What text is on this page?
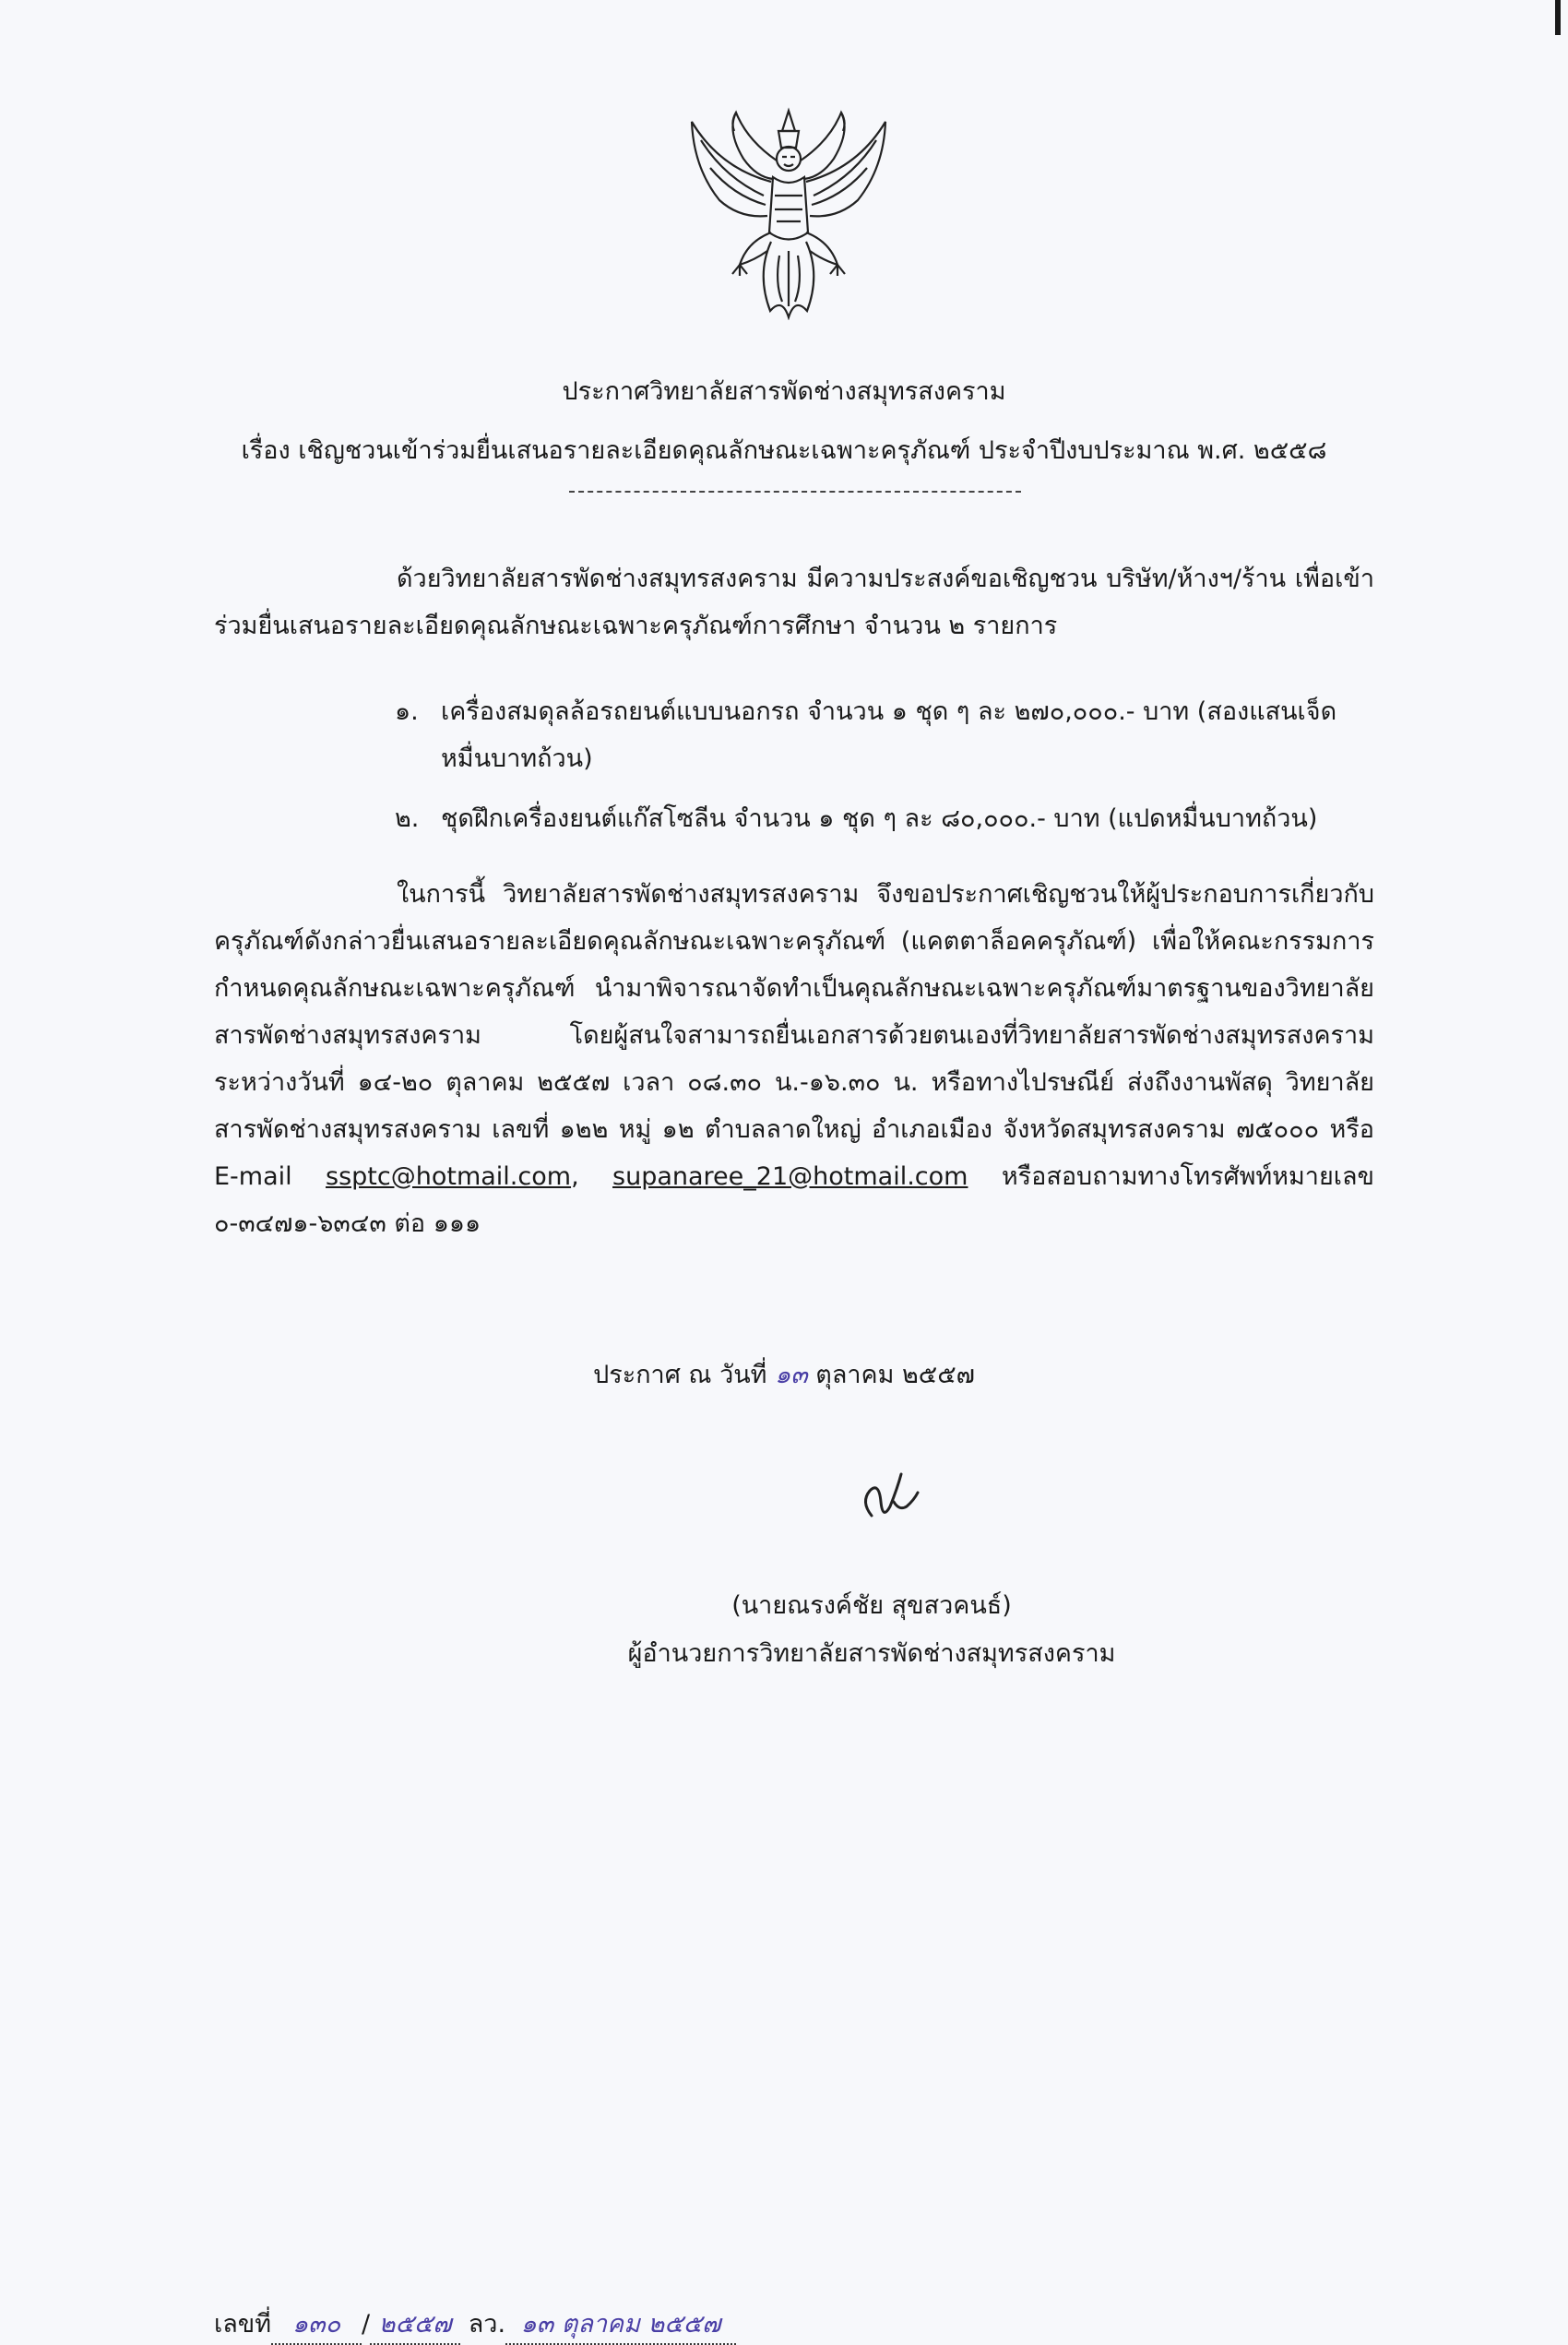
ประกาศวิทยาลัยสารพัดช่างสมุทรสงคราม
เรื่อง เชิญชวนเข้าร่วมยื่นเสนอรายละเอียดคุณลักษณะเฉพาะครุภัณฑ์ ประจำปีงบประมาณ พ.ศ. ๒๕๕๘
ด้วยวิทยาลัยสารพัดช่างสมุทรสงคราม มีความประสงค์ขอเชิญชวน บริษัท/ห้างฯ/ร้าน เพื่อเข้าร่วมยื่นเสนอรายละเอียดคุณลักษณะเฉพาะครุภัณฑ์การศึกษา จำนวน ๒ รายการ
๑. เครื่องสมดุลล้อรถยนต์แบบนอกรถ จำนวน ๑ ชุด ๆ ละ ๒๗๐,๐๐๐.- บาท (สองแสนเจ็ดหมื่นบาทถ้วน)
๒. ชุดฝึกเครื่องยนต์แก๊สโซลีน จำนวน ๑ ชุด ๆ ละ ๘๐,๐๐๐.- บาท (แปดหมื่นบาทถ้วน)
ในการนี้ วิทยาลัยสารพัดช่างสมุทรสงคราม จึงขอประกาศเชิญชวนให้ผู้ประกอบการเกี่ยวกับครุภัณฑ์ดังกล่าวยื่นเสนอรายละเอียดคุณลักษณะเฉพาะครุภัณฑ์ (แคตตาล็อคครุภัณฑ์) เพื่อให้คณะกรรมการกำหนดคุณลักษณะเฉพาะครุภัณฑ์ นำมาพิจารณาจัดทำเป็นคุณลักษณะเฉพาะครุภัณฑ์มาตรฐานของวิทยาลัยสารพัดช่างสมุทรสงคราม โดยผู้สนใจสามารถยื่นเอกสารด้วยตนเองที่วิทยาลัยสารพัดช่างสมุทรสงคราม ระหว่างวันที่ ๑๔-๒๐ ตุลาคม ๒๕๕๗ เวลา ๐๘.๓๐ น.-๑๖.๓๐ น. หรือทางไปรษณีย์ ส่งถึงงานพัสดุ วิทยาลัยสารพัดช่างสมุทรสงคราม เลขที่ ๑๒๒ หมู่ ๑๒ ตำบลลาดใหญ่ อำเภอเมือง จังหวัดสมุทรสงคราม ๗๕๐๐๐ หรือ E-mail ssptc@hotmail.com, supanaree_21@hotmail.com หรือสอบถามทางโทรศัพท์หมายเลข ๐-๓๔๗๑-๖๓๔๓ ต่อ ๑๑๑
ประกาศ ณ วันที่ ๑๓ ตุลาคม ๒๕๕๗
(นายณรงค์ชัย สุขสวคนธ์)
ผู้อำนวยการวิทยาลัยสารพัดช่างสมุทรสงคราม
เลขที่ ๑๓๐ / ๒๕๕๗ ลว. ๑๓ ตุลาคม ๒๕๕๗
